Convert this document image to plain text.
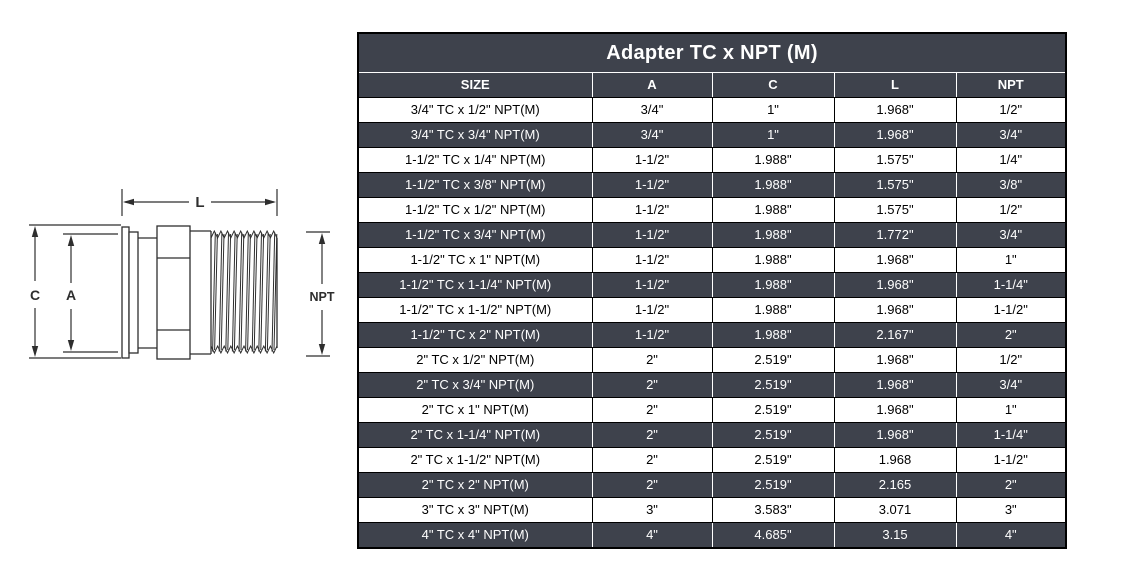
L
C A	NPT
Adapter TC x NPT (M)				
SIZE	A	C	L	NPT
3/4" TC x 1/2" NPT(M)	3/4"	1"	1.968"	1/2"
3/4" TC x 3/4" NPT(M)	3/4"	1"	1.968"	3/4"
1-1/2" TC x 1/4" NPT(M)	1-1/2"	1.988"	1.575"	1/4"
1-1/2" TC x 3/8" NPT(M)	1-1/2"	1.988"	1.575"	3/8"
1-1/2" TC x 1/2" NPT(M)	1-1/2"	1.988"	1.575"	1/2"
1-1/2" TC x 3/4" NPT(M)	1-1/2"	1.988"	1.772"	3/4"
1-1/2" TC x 1" NPT(M)	1-1/2"	1.988"	1.968"	1"
1-1/2" TC x 1-1/4" NPT(M)	1-1/2"	1.988"	1.968"	1-1/4"
1-1/2" TC x 1-1/2" NPT(M)	1-1/2"	1.988"	1.968"	1-1/2"
1-1/2" TC x 2" NPT(M)	1-1/2"	1.988"	2.167"	2"
2" TC x 1/2" NPT(M)	2"	2.519"	1.968"	1/2"
2" TC x 3/4" NPT(M)	2"	2.519"	1.968"	3/4"
2" TC x 1" NPT(M)	2"	2.519"	1.968"	1"
2" TC x 1-1/4" NPT(M)	2"	2.519"	1.968"	1-1/4"
2" TC x 1-1/2" NPT(M)	2"	2.519"	1.968	1-1/2"
2" TC x 2" NPT(M)	2"	2.519"	2.165	2"
3" TC x 3" NPT(M)	3"	3.583"	3.071	3"
4" TC x 4" NPT(M)	4"	4.685"	3.15	4"
